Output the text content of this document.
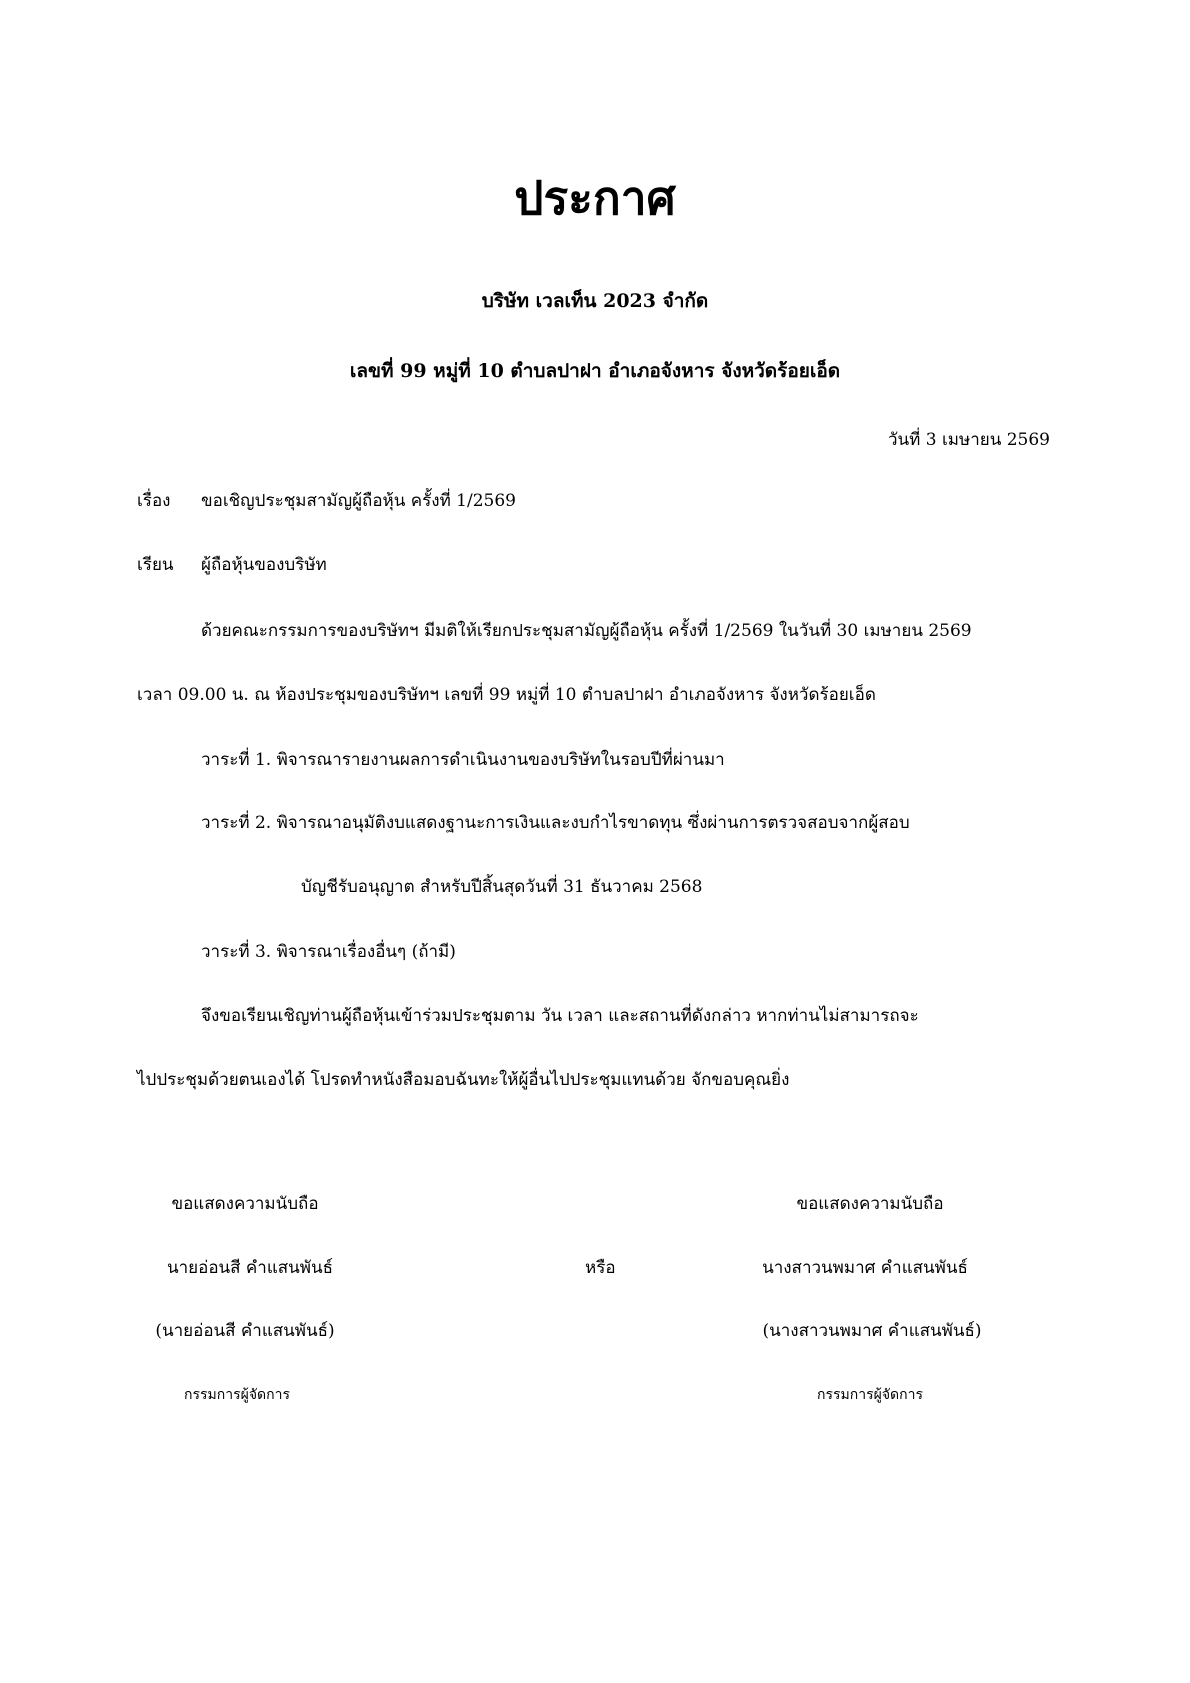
ประกาศ
บริษัท เวลเท็น 2023 จำกัด
เลขที่ 99 หมู่ที่ 10 ตำบลปาฝา อำเภอจังหาร จังหวัดร้อยเอ็ด
วันที่ 3 เมษายน 2569
เรื่อง ขอเชิญประชุมสามัญผู้ถือหุ้น ครั้งที่ 1/2569
เรียน ผู้ถือหุ้นของบริษัท
ด้วยคณะกรรมการของบริษัทฯ มีมติให้เรียกประชุมสามัญผู้ถือหุ้น ครั้งที่ 1/2569 ในวันที่ 30 เมษายน 2569
เวลา 09.00 น. ณ ห้องประชุมของบริษัทฯ เลขที่ 99 หมู่ที่ 10 ตำบลปาฝา อำเภอจังหาร จังหวัดร้อยเอ็ด
วาระที่ 1. พิจารณารายงานผลการดำเนินงานของบริษัทในรอบปีที่ผ่านมา
วาระที่ 2. พิจารณาอนุมัติงบแสดงฐานะการเงินและงบกำไรขาดทุน ซึ่งผ่านการตรวจสอบจากผู้สอบ
บัญชีรับอนุญาต สำหรับปีสิ้นสุดวันที่ 31 ธันวาคม 2568
วาระที่ 3. พิจารณาเรื่องอื่นๆ (ถ้ามี)
จึงขอเรียนเชิญท่านผู้ถือหุ้นเข้าร่วมประชุมตาม วัน เวลา และสถานที่ดังกล่าว หากท่านไม่สามารถจะ
ไปประชุมด้วยตนเองได้ โปรดทำหนังสือมอบฉันทะให้ผู้อื่นไปประชุมแทนด้วย จักขอบคุณยิ่ง
ขอแสดงความนับถือ
นายอ่อนสี คำแสนพันธ์
(นายอ่อนสี คำแสนพันธ์)
กรรมการผู้จัดการ
หรือ
ขอแสดงความนับถือ
นางสาวนพมาศ คำแสนพันธ์
(นางสาวนพมาศ คำแสนพันธ์)
กรรมการผู้จัดการ
